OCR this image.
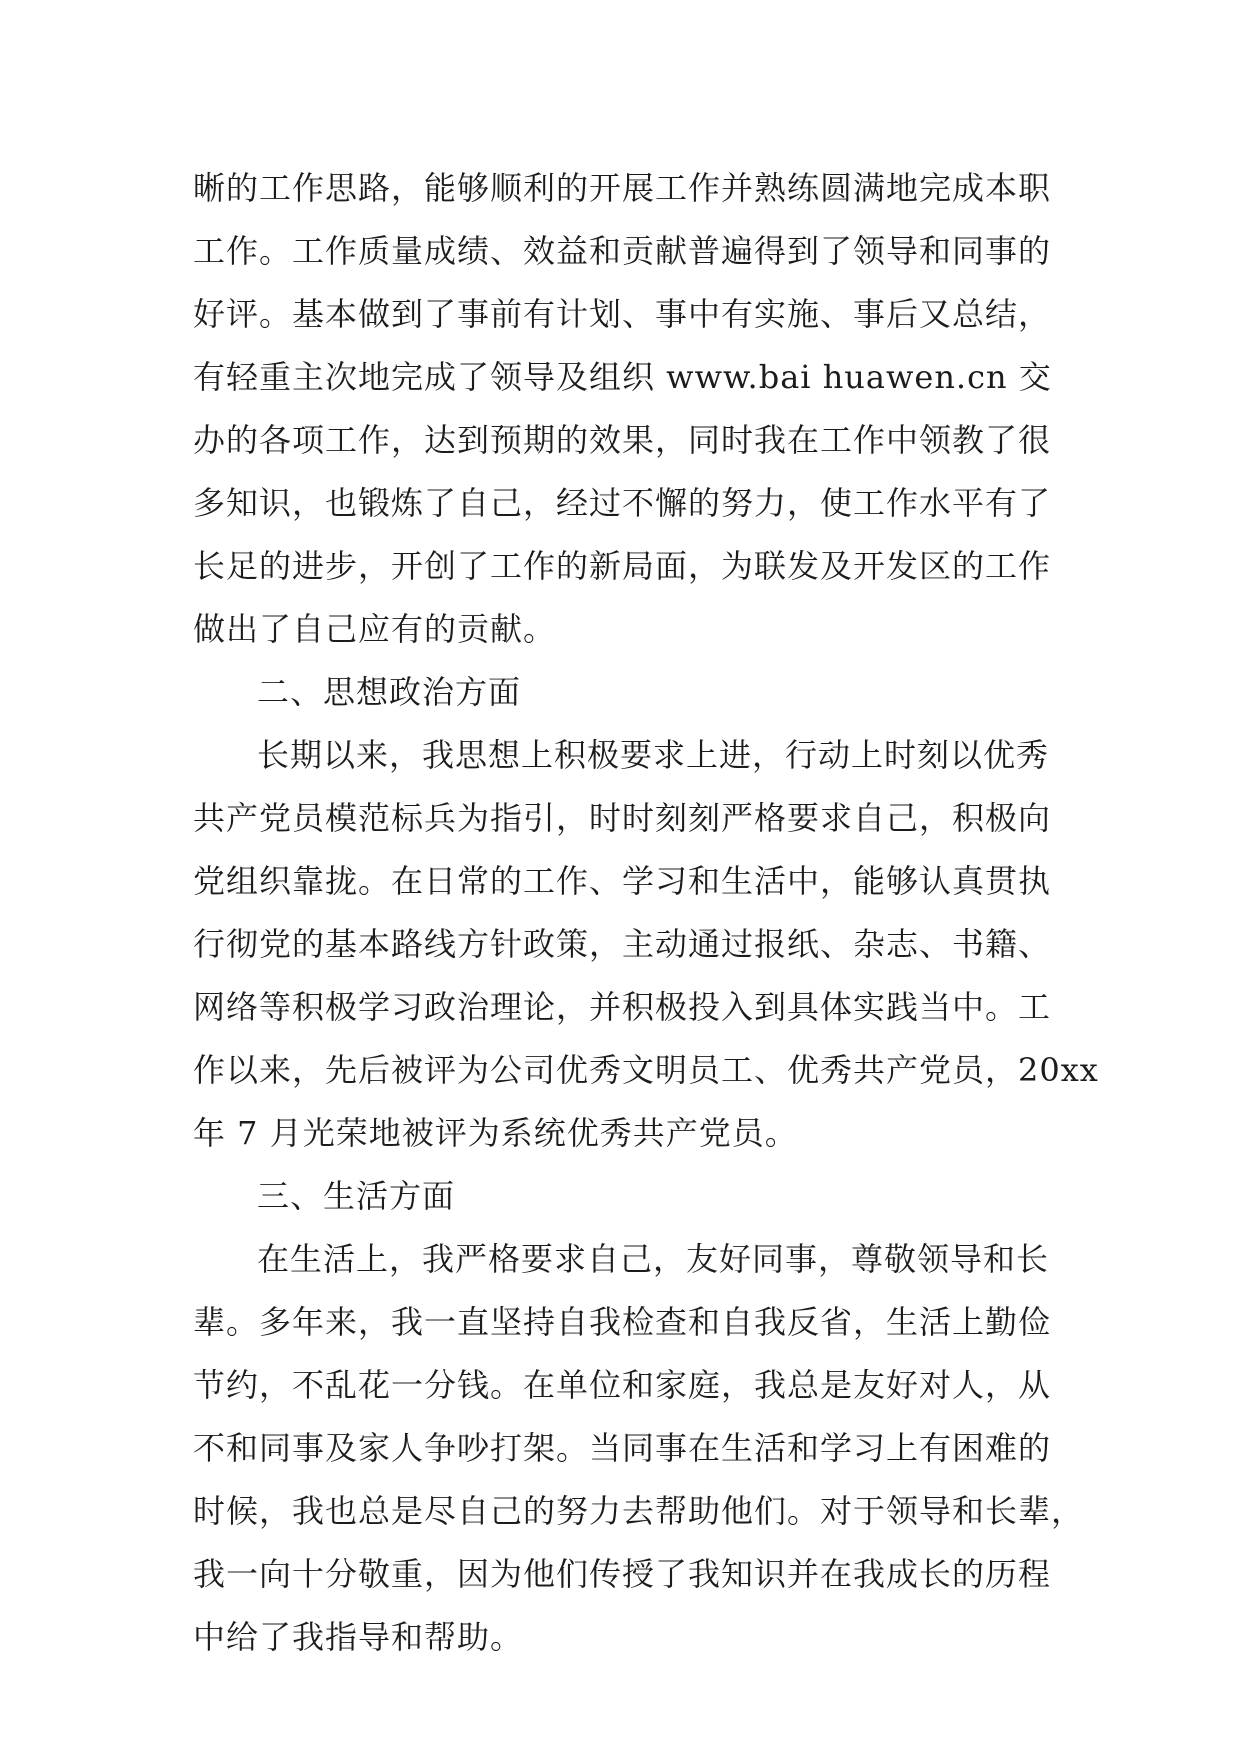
晰的工作思路，能够顺利的开展工作并熟练圆满地完成本职
工作。工作质量成绩、效益和贡献普遍得到了领导和同事的
好评。基本做到了事前有计划、事中有实施、事后又总结，
有轻重主次地完成了领导及组织 www.bai huawen.cn 交
办的各项工作，达到预期的效果，同时我在工作中领教了很
多知识，也锻炼了自己，经过不懈的努力，使工作水平有了
长足的进步，开创了工作的新局面，为联发及开发区的工作
做出了自己应有的贡献。
二、思想政治方面
长期以来，我思想上积极要求上进，行动上时刻以优秀
共产党员模范标兵为指引，时时刻刻严格要求自己，积极向
党组织靠拢。在日常的工作、学习和生活中，能够认真贯执
行彻党的基本路线方针政策，主动通过报纸、杂志、书籍、
网络等积极学习政治理论，并积极投入到具体实践当中。工
作以来，先后被评为公司优秀文明员工、优秀共产党员，20xx
年 7 月光荣地被评为系统优秀共产党员。
三、生活方面
在生活上，我严格要求自己，友好同事，尊敬领导和长
辈。多年来，我一直坚持自我检查和自我反省，生活上勤俭
节约，不乱花一分钱。在单位和家庭，我总是友好对人，从
不和同事及家人争吵打架。当同事在生活和学习上有困难的
时候，我也总是尽自己的努力去帮助他们。对于领导和长辈，
我一向十分敬重，因为他们传授了我知识并在我成长的历程
中给了我指导和帮助。
